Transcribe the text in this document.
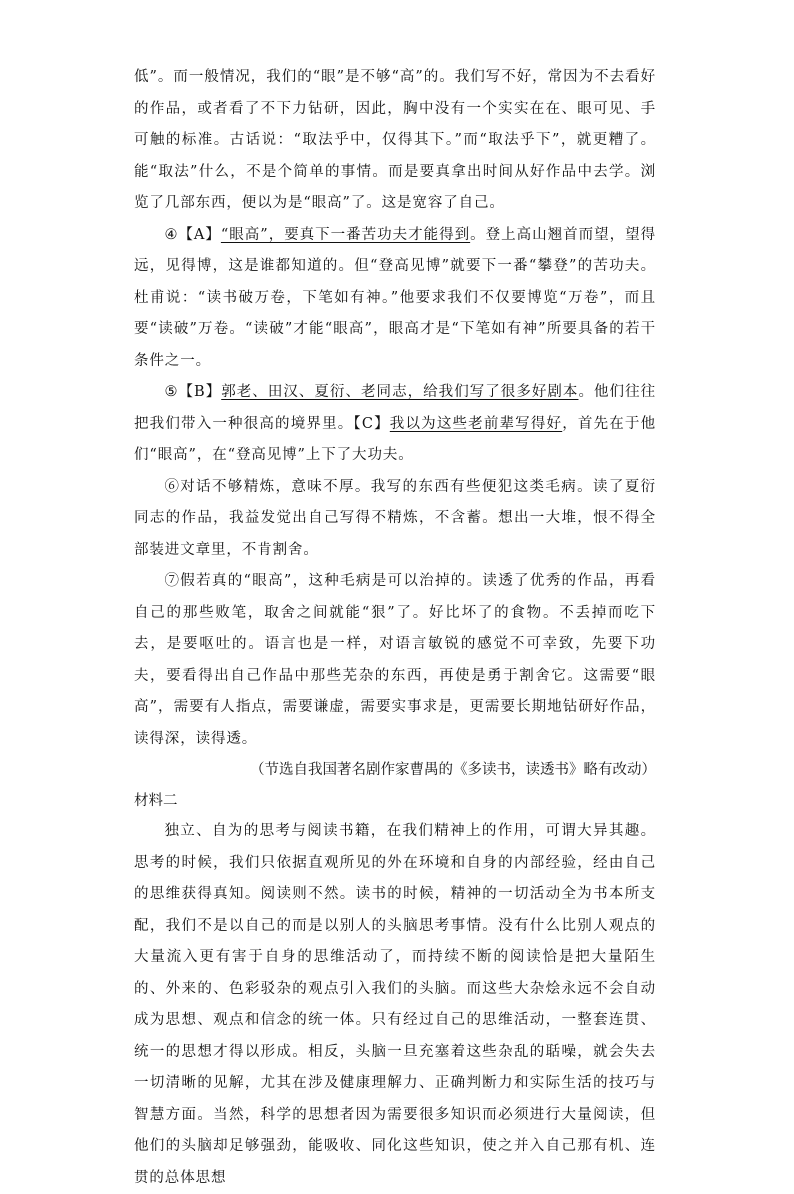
低”。而一般情况，我们的“眼”是不够“高”的。我们写不好，常因为不去看好的作品，或者看了不下力钻研，因此，胸中没有一个实实在在、眼可见、手可触的标准。古话说：“取法乎中，仅得其下。”而“取法乎下”，就更糟了。能“取法”什么，不是个简单的事情。而是要真拿出时间从好作品中去学。浏览了几部东西，便以为是“眼高”了。这是宽容了自己。

④【A】“眼高”，要真下一番苦功夫才能得到。登上高山翘首而望，望得远，见得博，这是谁都知道的。但“登高见博”就要下一番“攀登”的苦功夫。杜甫说：“读书破万卷，下笔如有神。”他要求我们不仅要博览“万卷”，而且要“读破”万卷。“读破”才能“眼高”，眼高才是“下笔如有神”所要具备的若干条件之一。

⑤【B】郭老、田汉、夏衍、老同志，给我们写了很多好剧本。他们往往把我们带入一种很高的境界里。【C】我以为这些老前辈写得好，首先在于他们“眼高”，在“登高见博”上下了大功夫。

⑥对话不够精炼，意味不厚。我写的东西有些便犯这类毛病。读了夏衍同志的作品，我益发觉出自己写得不精炼，不含蓄。想出一大堆，恨不得全部装进文章里，不肯割舍。

⑦假若真的“眼高”，这种毛病是可以治掉的。读透了优秀的作品，再看自己的那些败笔，取舍之间就能“狠”了。好比坏了的食物。不丢掉而吃下去，是要呕吐的。语言也是一样，对语言敏锐的感觉不可幸致，先要下功夫，要看得出自己作品中那些芜杂的东西，再使是勇于割舍它。这需要“眼高”，需要有人指点，需要谦虚，需要实事求是，更需要长期地钻研好作品，读得深，读得透。

（节选自我国著名剧作家曹禺的《多读书，读透书》略有改动）

材料二

独立、自为的思考与阅读书籍，在我们精神上的作用，可谓大异其趣。思考的时候，我们只依据直观所见的外在环境和自身的内部经验，经由自己的思维获得真知。阅读则不然。读书的时候，精神的一切活动全为书本所支配，我们不是以自己的而是以别人的头脑思考事情。没有什么比别人观点的大量流入更有害于自身的思维活动了，而持续不断的阅读恰是把大量陌生的、外来的、色彩驳杂的观点引入我们的头脑。而这些大杂烩永远不会自动成为思想、观点和信念的统一体。只有经过自己的思维活动，一整套连贯、统一的思想才得以形成。相反，头脑一旦充塞着这些杂乱的聒噪，就会失去一切清晰的见解，尤其在涉及健康理解力、正确判断力和实际生活的技巧与智慧方面。当然，科学的思想者因为需要很多知识而必须进行大量阅读，但他们的头脑却足够强劲，能吸收、同化这些知识，使之并入自己那有机、连贯的总体思想
